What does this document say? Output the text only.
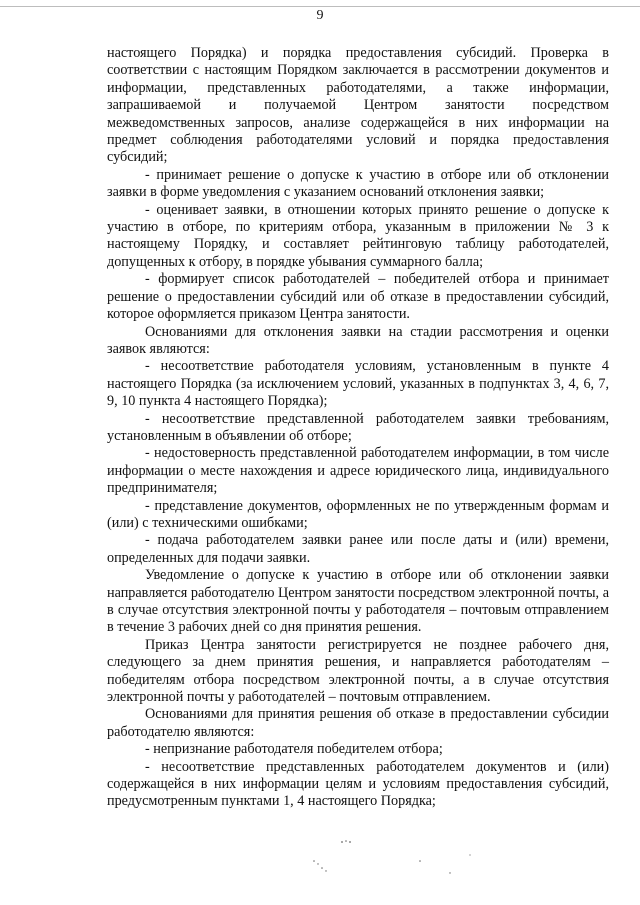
9

настоящего Порядка) и порядка предоставления субсидий. Проверка в соответствии с настоящим Порядком заключается в рассмотрении документов и информации, представленных работодателями, а также информации, запрашиваемой и получаемой Центром занятости посредством межведомственных запросов, анализе содержащейся в них информации на предмет соблюдения работодателями условий и порядка предоставления субсидий;

- принимает решение о допуске к участию в отборе или об отклонении заявки в форме уведомления с указанием оснований отклонения заявки;

- оценивает заявки, в отношении которых принято решение о допуске к участию в отборе, по критериям отбора, указанным в приложении № 3 к настоящему Порядку, и составляет рейтинговую таблицу работодателей, допущенных к отбору, в порядке убывания суммарного балла;

- формирует список работодателей – победителей отбора и принимает решение о предоставлении субсидий или об отказе в предоставлении субсидий, которое оформляется приказом Центра занятости.

Основаниями для отклонения заявки на стадии рассмотрения и оценки заявок являются:

- несоответствие работодателя условиям, установленным в пункте 4 настоящего Порядка (за исключением условий, указанных в подпунктах 3, 4, 6, 7, 9, 10 пункта 4 настоящего Порядка);

- несоответствие представленной работодателем заявки требованиям, установленным в объявлении об отборе;

- недостоверность представленной работодателем информации, в том числе информации о месте нахождения и адресе юридического лица, индивидуального предпринимателя;

- представление документов, оформленных не по утвержденным формам и (или) с техническими ошибками;

- подача работодателем заявки ранее или после даты и (или) времени, определенных для подачи заявки.

Уведомление о допуске к участию в отборе или об отклонении заявки направляется работодателю Центром занятости посредством электронной почты, а в случае отсутствия электронной почты у работодателя – почтовым отправлением в течение 3 рабочих дней со дня принятия решения.

Приказ Центра занятости регистрируется не позднее рабочего дня, следующего за днем принятия решения, и направляется работодателям – победителям отбора посредством электронной почты, а в случае отсутствия электронной почты у работодателей – почтовым отправлением.

Основаниями для принятия решения об отказе в предоставлении субсидии работодателю являются:

- непризнание работодателя победителем отбора;

- несоответствие представленных работодателем документов и (или) содержащейся в них информации целям и условиям предоставления субсидий, предусмотренным пунктами 1, 4 настоящего Порядка;
